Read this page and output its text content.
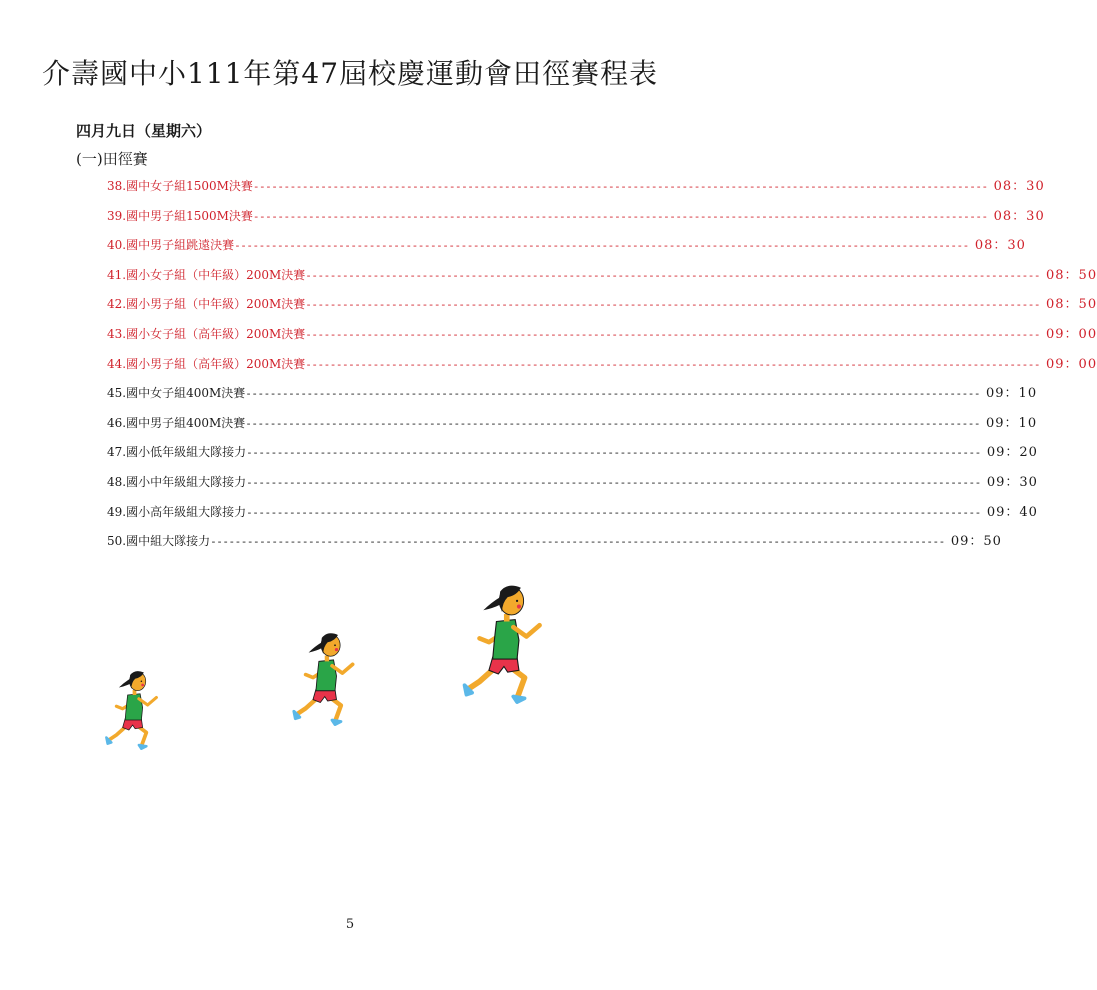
介壽國中小111年第47屆校慶運動會田徑賽程表
四月九日（星期六）
(一)田徑賽
38.國中女子組1500M決賽 ------------------------------------------------------------------------------------------------------------------------ 08：30
39.國中男子組1500M決賽 ------------------------------------------------------------------------------------------------------------------------ 08：30
40.國中男子組跳遠決賽 ------------------------------------------------------------------------------------------------------------------------ 08：30
41.國小女子組（中年級）200M決賽 ------------------------------------------------------------------------------------------------------------------------ 08：50
42.國小男子組（中年級）200M決賽 ------------------------------------------------------------------------------------------------------------------------ 08：50
43.國小女子組（高年級）200M決賽 ------------------------------------------------------------------------------------------------------------------------ 09：00
44.國小男子組（高年級）200M決賽 ------------------------------------------------------------------------------------------------------------------------ 09：00
45.國中女子組400M決賽 ------------------------------------------------------------------------------------------------------------------------ 09：10
46.國中男子組400M決賽 ------------------------------------------------------------------------------------------------------------------------ 09：10
47.國小低年級組大隊接力 ------------------------------------------------------------------------------------------------------------------------ 09：20
48.國小中年級組大隊接力 ------------------------------------------------------------------------------------------------------------------------ 09：30
49.國小高年級組大隊接力 ------------------------------------------------------------------------------------------------------------------------ 09：40
50.國中組大隊接力 ------------------------------------------------------------------------------------------------------------------------ 09：50
5
